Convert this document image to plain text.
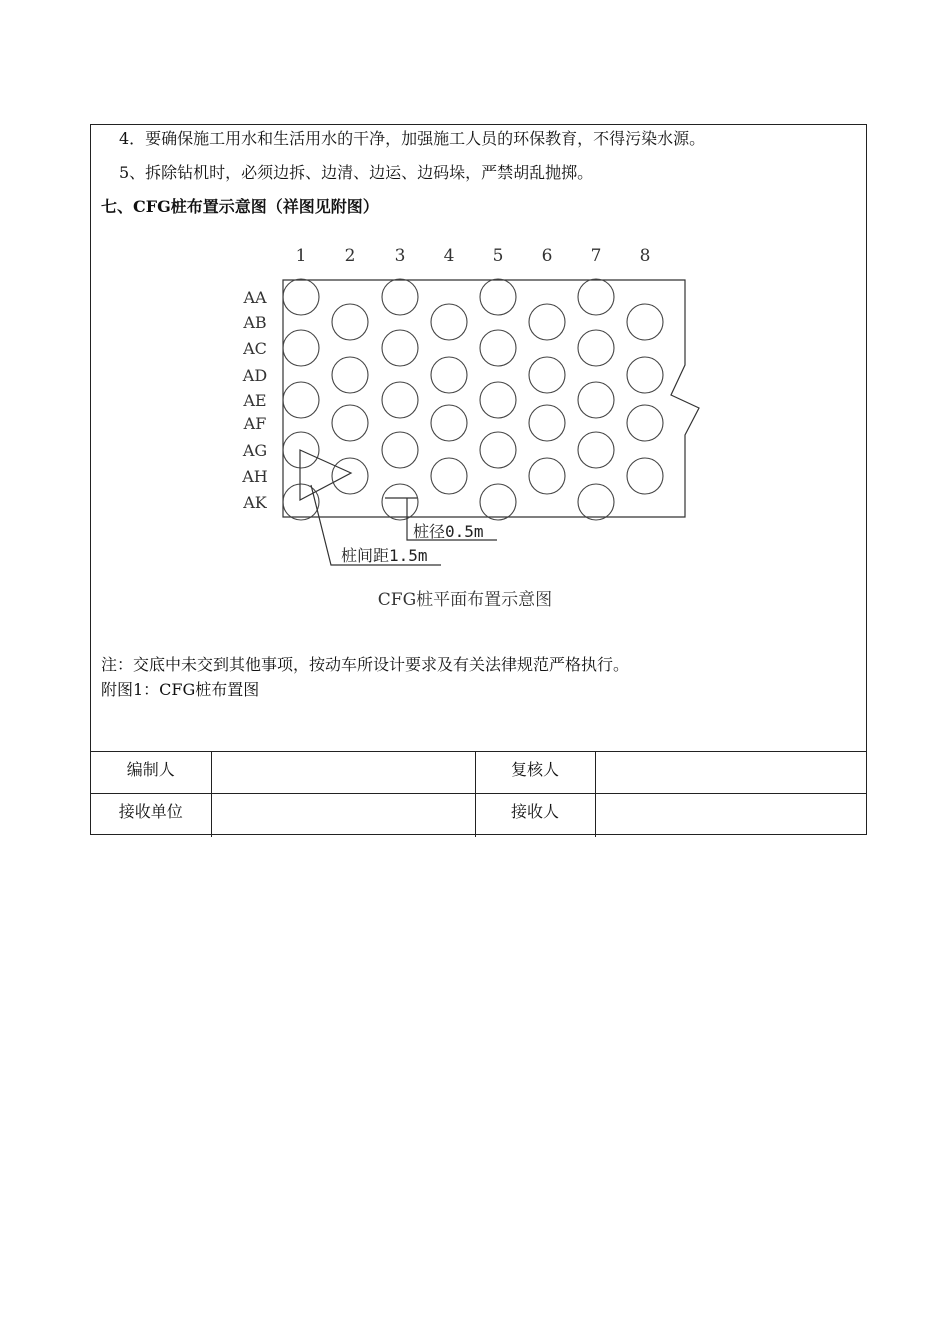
4．要确保施工用水和生活用水的干净，加强施工人员的环保教育，不得污染水源。
5、拆除钻机时，必须边拆、边清、边运、边码垛，严禁胡乱抛掷。
七、CFG桩布置示意图（祥图见附图）
1 2 3 4 5 6 7 8
AA
AB
AC
AD
AE
AF
AG
AH
AK
桩径0.5m
桩间距1.5m
CFG桩平面布置示意图
注：交底中未交到其他事项，按动车所设计要求及有关法律规范严格执行。
附图1：CFG桩布置图
编制人		复核人	
接收单位		接收人	
